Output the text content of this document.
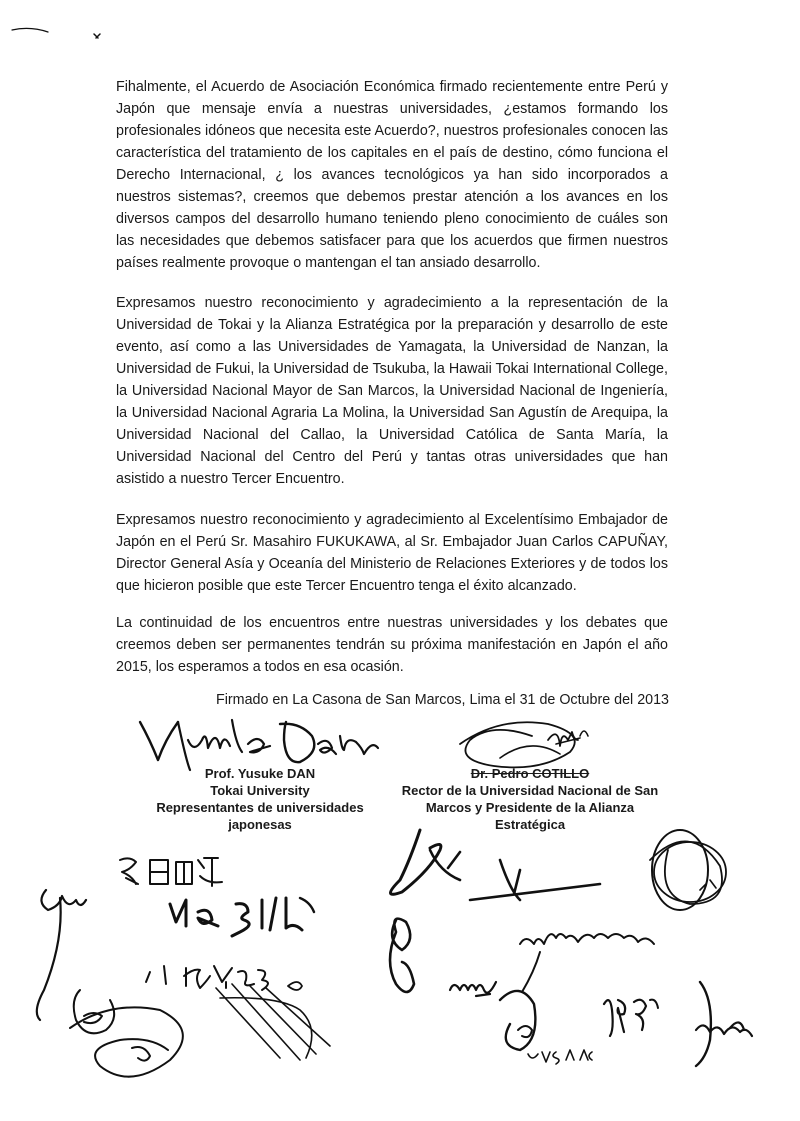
Fihalmente, el Acuerdo de Asociación Económica firmado recientemente entre Perú y Japón que mensaje envía a nuestras universidades, ¿estamos formando los profesionales idóneos que necesita este Acuerdo?, nuestros profesionales conocen las característica del tratamiento de los capitales en el país de destino, cómo funciona el Derecho Internacional, ¿ los avances tecnológicos ya han sido incorporados a nuestros sistemas?, creemos que debemos prestar atención a los avances en los diversos campos del desarrollo humano teniendo pleno conocimiento de cuáles son las necesidades que debemos satisfacer para que los acuerdos que firmen nuestros países realmente provoque o mantengan el tan ansiado desarrollo.

Expresamos nuestro reconocimiento y agradecimiento a la representación de la Universidad de Tokai y la Alianza Estratégica por la preparación y desarrollo de este evento, así como a las Universidades de Yamagata, la Universidad de Nanzan, la Universidad de Fukui, la Universidad de Tsukuba, la Hawaii Tokai International College, la Universidad Nacional Mayor de San Marcos, la Universidad Nacional de Ingeniería, la Universidad Nacional Agraria La Molina, la Universidad San Agustín de Arequipa, la Universidad Nacional del Callao, la Universidad Católica de Santa María, la Universidad Nacional del Centro del Perú y tantas otras universidades que han asistido a nuestro Tercer Encuentro.

Expresamos nuestro reconocimiento y agradecimiento al Excelentísimo Embajador de Japón en el Perú Sr. Masahiro FUKUKAWA, al Sr. Embajador Juan Carlos CAPUÑAY, Director General Asía y Oceanía del Ministerio de Relaciones Exteriores y de todos los que hicieron posible que este Tercer Encuentro tenga el éxito alcanzado.

La continuidad de los encuentros entre nuestras universidades y los debates que creemos deben ser permanentes tendrán su próxima manifestación en Japón el año 2015, los esperamos a todos en esa ocasión.

Firmado en La Casona de San Marcos, Lima el 31 de Octubre del 2013

Prof. Yusuke DAN
Tokai University
Representantes de universidades
japonesas
Dr. Pedro COTILLO
Rector de la Universidad Nacional de San
Marcos y Presidente de la Alianza
Estratégica
